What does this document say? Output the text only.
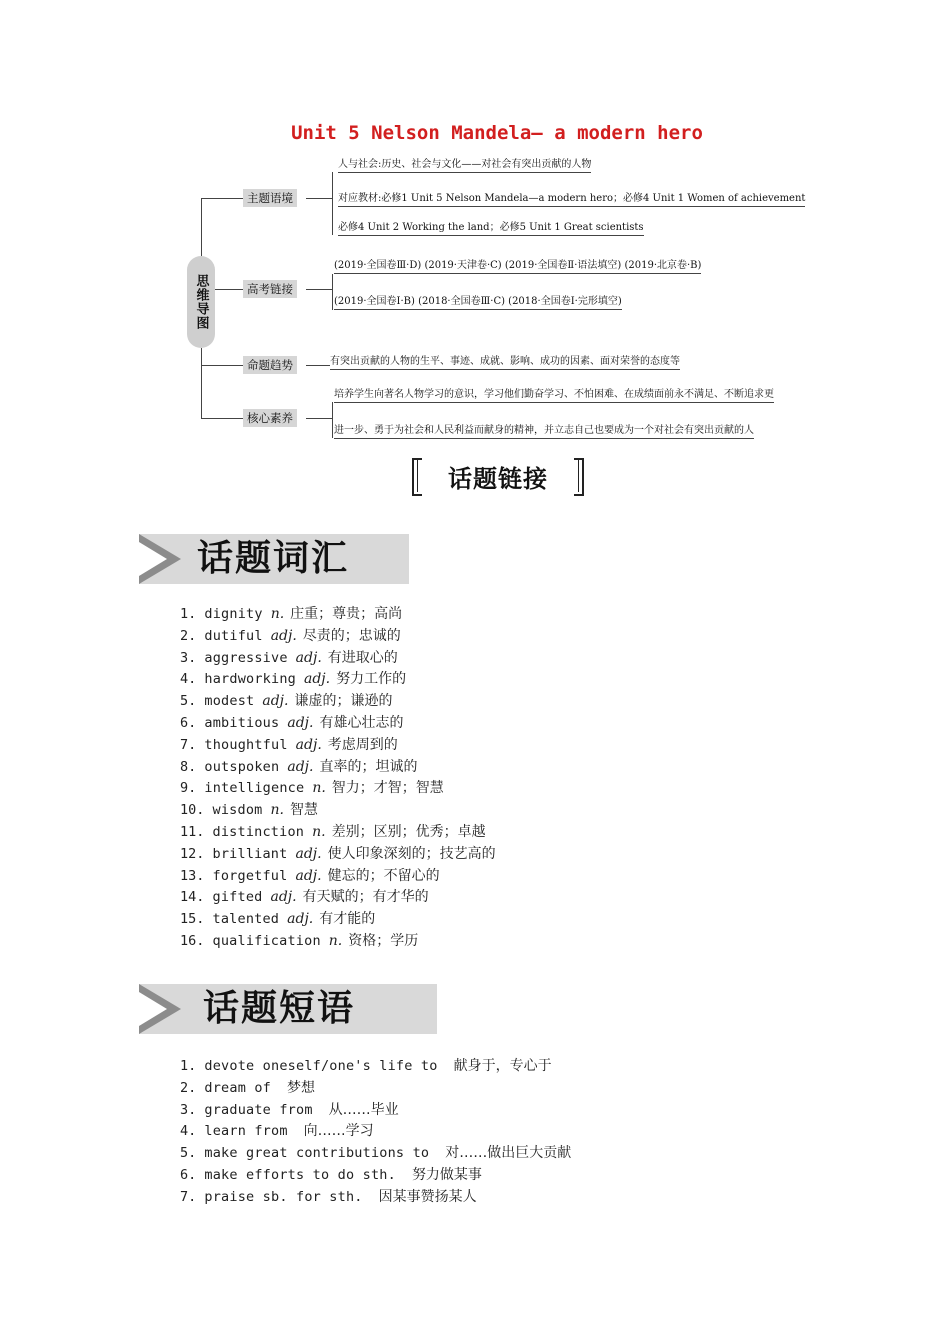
Unit 5 Nelson Mandela— a modern hero
思维导图
主题语境
人与社会:历史、社会与文化——对社会有突出贡献的人物
对应教材:必修1 Unit 5 Nelson Mandela—a modern hero；必修4 Unit 1 Women of achievement
必修4 Unit 2 Working the land；必修5 Unit 1 Great scientists
高考链接
(2019·全国卷Ⅲ·D) (2019·天津卷·C) (2019·全国卷Ⅱ·语法填空) (2019·北京卷·B)
(2019·全国卷Ⅰ·B) (2018·全国卷Ⅲ·C) (2018·全国卷Ⅰ·完形填空)
命题趋势	有突出贡献的人物的生平、事迹、成就、影响、成功的因素、面对荣誉的态度等
核心素养
培养学生向著名人物学习的意识，学习他们勤奋学习、不怕困难、在成绩面前永不满足、不断追求更
进一步、勇于为社会和人民利益而献身的精神，并立志自己也要成为一个对社会有突出贡献的人
话题链接
话题词汇
1. dignity n. 庄重；尊贵；高尚
2. dutiful adj. 尽责的；忠诚的
3. aggressive adj. 有进取心的
4. hardworking adj. 努力工作的
5. modest adj. 谦虚的；谦逊的
6. ambitious adj. 有雄心壮志的
7. thoughtful adj. 考虑周到的
8. outspoken adj. 直率的；坦诚的
9. intelligence n. 智力；才智；智慧
10. wisdom n. 智慧
11. distinction n. 差别；区别；优秀；卓越
12. brilliant adj. 使人印象深刻的；技艺高的
13. forgetful adj. 健忘的；不留心的
14. gifted adj. 有天赋的；有才华的
15. talented adj. 有才能的
16. qualification n. 资格；学历
话题短语
1. devote oneself/one's life to 献身于，专心于
2. dream of 梦想
3. graduate from 从……毕业
4. learn from 向……学习
5. make great contributions to 对……做出巨大贡献
6. make efforts to do sth. 努力做某事
7. praise sb. for sth. 因某事赞扬某人
